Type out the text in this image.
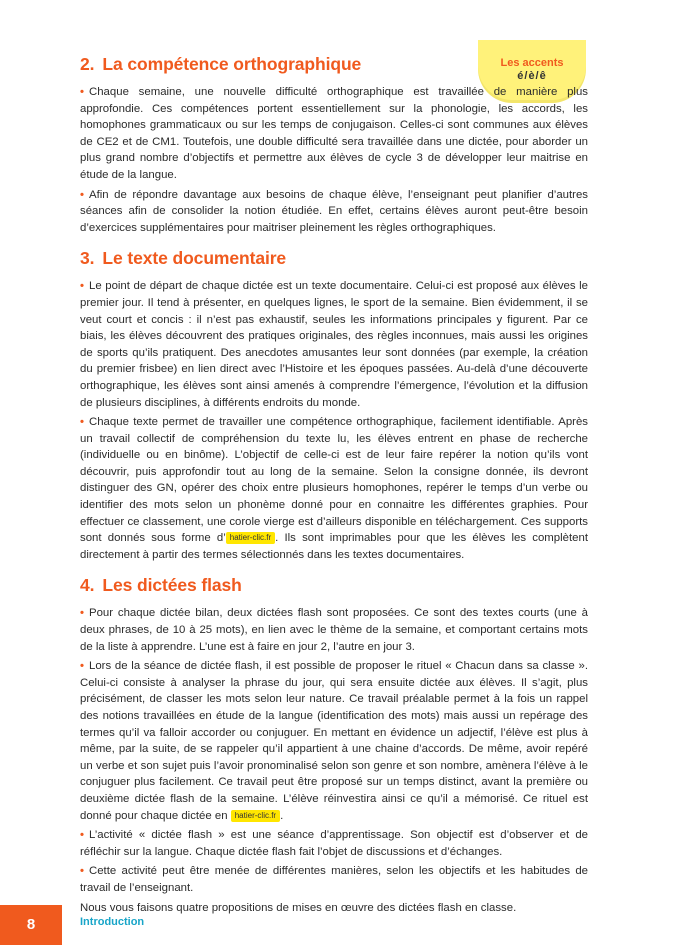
Les accents
é/è/ê
2. La compétence orthographique

• Chaque semaine, une nouvelle difficulté orthographique est travaillée de manière plus approfondie. Ces compétences portent essentiellement sur la phonologie, les accords, les homophones grammaticaux ou sur les temps de conjugaison. Celles-ci sont communes aux élèves de CE2 et de CM1. Toutefois, une double difficulté sera travaillée dans une dictée, pour aborder un plus grand nombre d’objectifs et permettre aux élèves de cycle 3 de développer leur maitrise en étude de la langue.

• Afin de répondre davantage aux besoins de chaque élève, l’enseignant peut planifier d’autres séances afin de consolider la notion étudiée. En effet, certains élèves auront peut-être besoin d’exercices supplémentaires pour maitriser pleinement les règles orthographiques.

3. Le texte documentaire

• Le point de départ de chaque dictée est un texte documentaire. Celui-ci est proposé aux élèves le premier jour. Il tend à présenter, en quelques lignes, le sport de la semaine. Bien évidemment, il se veut court et concis : il n’est pas exhaustif, seules les informations principales y figurent. Par ce biais, les élèves découvrent des pratiques originales, des règles inconnues, mais aussi les origines de sports qu’ils pratiquent. Des anecdotes amusantes leur sont données (par exemple, la création du premier frisbee) en lien direct avec l’Histoire et les époques passées. Au-delà d’une découverte orthographique, les élèves sont ainsi amenés à comprendre l’émergence, l’évolution et la diffusion de plusieurs disciplines, à différents endroits du monde.

• Chaque texte permet de travailler une compétence orthographique, facilement identifiable. Après un travail collectif de compréhension du texte lu, les élèves entrent en phase de recherche (individuelle ou en binôme). L’objectif de celle-ci est de leur faire repérer la notion qu’ils vont découvrir, puis approfondir tout au long de la semaine. Selon la consigne donnée, ils devront distinguer des GN, opérer des choix entre plusieurs homophones, repérer le temps d’un verbe ou identifier des mots selon un phonème donné pour en connaitre les différentes graphies. Pour effectuer ce classement, une corole vierge est d’ailleurs disponible en téléchargement. Ces supports sont donnés sous forme d’ hatier-clic.fr . Ils sont imprimables pour que les élèves les complètent directement à partir des termes sélectionnés dans les textes documentaires.

4. Les dictées flash

• Pour chaque dictée bilan, deux dictées flash sont proposées. Ce sont des textes courts (une à deux phrases, de 10 à 25 mots), en lien avec le thème de la semaine, et comportant certains mots de la liste à apprendre. L’une est à faire en jour 2, l’autre en jour 3.

• Lors de la séance de dictée flash, il est possible de proposer le rituel « Chacun dans sa classe ». Celui-ci consiste à analyser la phrase du jour, qui sera ensuite dictée aux élèves. Il s’agit, plus précisément, de classer les mots selon leur nature. Ce travail préalable permet à la fois un rappel des notions travaillées en étude de la langue (identification des mots) mais aussi un repérage des termes qu’il va falloir accorder ou conjuguer. En mettant en évidence un adjectif, l’élève est plus à même, par la suite, de se rappeler qu’il appartient à une chaine d’accords. De même, avoir repéré un verbe et son sujet puis l’avoir pronominalisé selon son genre et son nombre, amènera l’élève à le conjuguer plus facilement. Ce travail peut être proposé sur un temps distinct, avant la première ou deuxième dictée flash de la semaine. L’élève réinvestira ainsi ce qu’il a mémorisé. Ce rituel est donné pour chaque dictée en hatier-clic.fr .

• L’activité « dictée flash » est une séance d’apprentissage. Son objectif est d’observer et de réfléchir sur la langue. Chaque dictée flash fait l’objet de discussions et d’échanges.

• Cette activité peut être menée de différentes manières, selon les objectifs et les habitudes de travail de l’enseignant.

Nous vous faisons quatre propositions de mises en œuvre des dictées flash en classe.

8	Introduction
